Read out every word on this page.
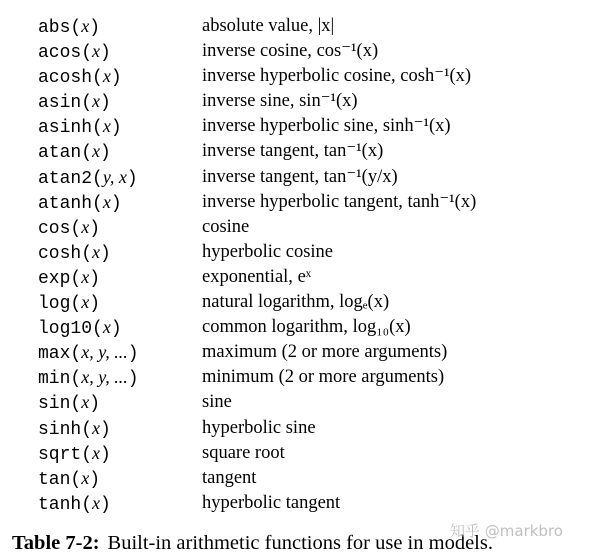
abs(x)	absolute value, |x|
acos(x)	inverse cosine, cos⁻¹(x)
acosh(x)	inverse hyperbolic cosine, cosh⁻¹(x)
asin(x)	inverse sine, sin⁻¹(x)
asinh(x)	inverse hyperbolic sine, sinh⁻¹(x)
atan(x)	inverse tangent, tan⁻¹(x)
atan2(y, x)	inverse tangent, tan⁻¹(y/x)
atanh(x)	inverse hyperbolic tangent, tanh⁻¹(x)
cos(x)	cosine
cosh(x)	hyperbolic cosine
exp(x)	exponential, eˣ
log(x)	natural logarithm, logₑ(x)
log10(x)	common logarithm, log₁₀(x)
max(x, y, ...)	maximum (2 or more arguments)
min(x, y, ...)	minimum (2 or more arguments)
sin(x)	sine
sinh(x)	hyperbolic sine
sqrt(x)	square root
tan(x)	tangent
tanh(x)	hyperbolic tangent
Table 7-2: Built-in arithmetic functions for use in models.
知乎 @markbro
